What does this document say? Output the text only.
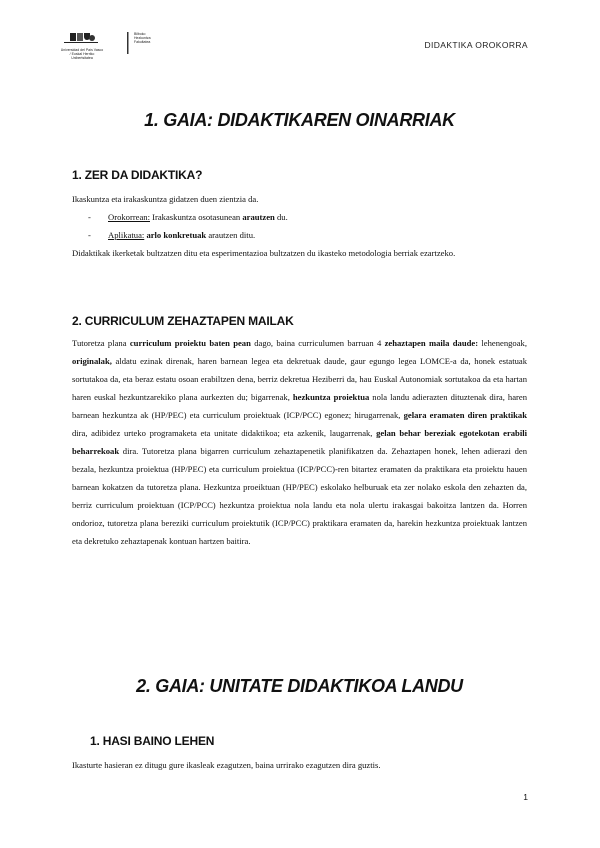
Universidad del País Vasco / Euskal Herriko Unibertsitatea
Bilboko Hezkuntza Fakultatea	DIDAKTIKA OROKORRA
1. GAIA: DIDAKTIKAREN OINARRIAK
1. ZER DA DIDAKTIKA?

Ikaskuntza eta irakaskuntza gidatzen duen zientzia da.

- Orokorrean: Irakaskuntza osotasunean arautzen du.
- Aplikatua: arlo konkretuak arautzen ditu.

Didaktikak ikerketak bultzatzen ditu eta esperimentazioa bultzatzen du ikasteko metodologia berriak ezartzeko.

2. CURRICULUM ZEHAZTAPEN MAILAK

Tutoretza plana curriculum proiektu baten pean dago, baina curriculumen barruan 4 zehaztapen maila daude: lehenengoak, originalak, aldatu ezinak direnak, haren barnean legea eta dekretuak daude, gaur egungo legea LOMCE-a da, honek estatuak sortutakoa da, eta beraz estatu osoan erabiltzen dena, berriz dekretua Heziberri da, hau Euskal Autonomiak sortutakoa da eta hartan haren euskal hezkuntzarekiko plana aurkezten du; bigarrenak, hezkuntza proiektua nola landu adierazten dituztenak dira, haren barnean hezkuntza ak (HP/PEC) eta curriculum proiektuak (ICP/PCC) egonez; hirugarrenak, gelara eramaten diren praktikak dira, adibidez urteko programaketa eta unitate didaktikoa; eta azkenik, laugarrenak, gelan behar bereziak egotekotan erabili beharrekoak dira. Tutoretza plana bigarren curriculum zehaztapenetik planifikatzen da. Zehaztapen honek, lehen adierazi den bezala, hezkuntza proiektua (HP/PEC) eta curriculum proiektua (ICP/PCC)-ren bitartez eramaten da praktikara eta proiektu hauen barnean kokatzen da tutoretza plana. Hezkuntza proeiktuan (HP/PEC) eskolako helburuak eta zer nolako eskola den zehazten da, berriz curriculum proiektuan (ICP/PCC) hezkuntza proiektua nola landu eta nola ulertu irakasgai bakoitza lantzen da. Horren ondorioz, tutoretza plana bereziki curriculum proiektutik (ICP/PCC) praktikara eramaten da, harekin hezkuntza proiektuak lantzen eta dekretuko zehaztapenak kontuan hartzen baitira.

2. GAIA: UNITATE DIDAKTIKOA LANDU
1. HASI BAINO LEHEN

Ikasturte hasieran ez ditugu gure ikasleak ezagutzen, baina urrirako ezagutzen dira guztis.

1
